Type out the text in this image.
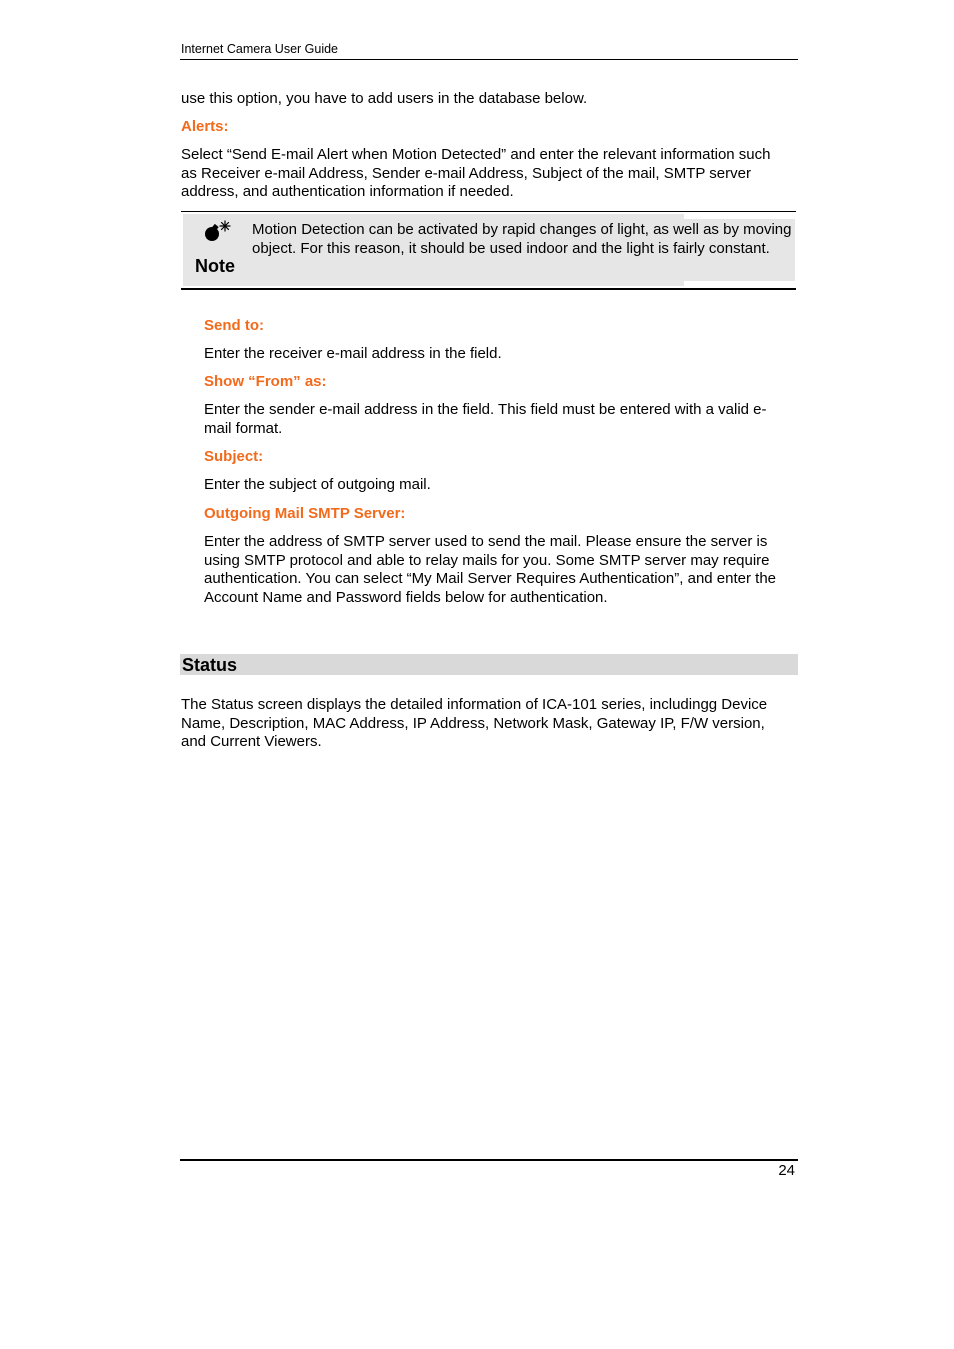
Internet Camera User Guide
use this option, you have to add users in the database below.
Alerts:
Select “Send E-mail Alert when Motion Detected” and enter the relevant information such as Receiver e-mail Address, Sender e-mail Address, Subject of the mail, SMTP server address, and authentication information if needed.
Note
Motion Detection can be activated by rapid changes of light, as well as by moving object. For this reason, it should be used indoor and the light is fairly constant.
Send to:
Enter the receiver e-mail address in the field.
Show “From” as:
Enter the sender e-mail address in the field. This field must be entered with a valid e-mail format.
Subject:
Enter the subject of outgoing mail.
Outgoing Mail SMTP Server:
Enter the address of SMTP server used to send the mail. Please ensure the server is using SMTP protocol and able to relay mails for you. Some SMTP server may require authentication. You can select “My Mail Server Requires Authentication”, and enter the Account Name and Password fields below for authentication.
Status
The Status screen displays the detailed information of ICA-101 series, includingg Device Name, Description, MAC Address, IP Address, Network Mask, Gateway IP, F/W version, and Current Viewers.
24
